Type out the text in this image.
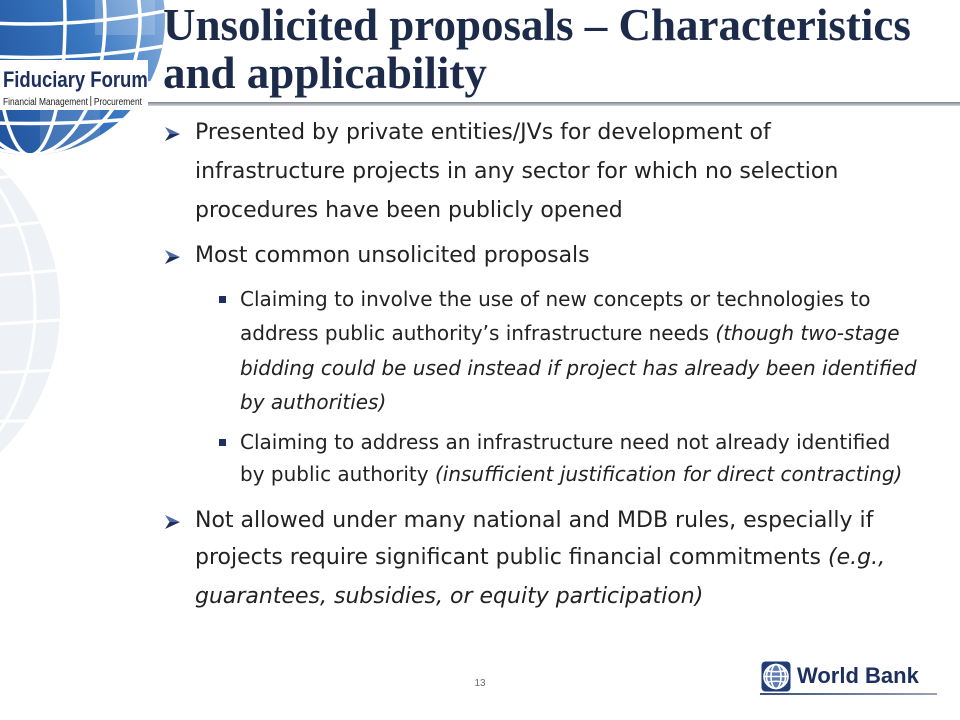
Fiduciary Forum
Financial Management Procurement
Unsolicited proposals – Characteristics
and applicability
Presented by private entities/JVs for development of
infrastructure projects in any sector for which no selection
procedures have been publicly opened
Most common unsolicited proposals
Claiming to involve the use of new concepts or technologies to
address public authority’s infrastructure needs (though two-stage
bidding could be used instead if project has already been identified
by authorities)
Claiming to address an infrastructure need not already identified
by public authority (insufficient justification for direct contracting)
Not allowed under many national and MDB rules, especially if
projects require significant public financial commitments (e.g.,
guarantees, subsidies, or equity participation)
13	World Bank
